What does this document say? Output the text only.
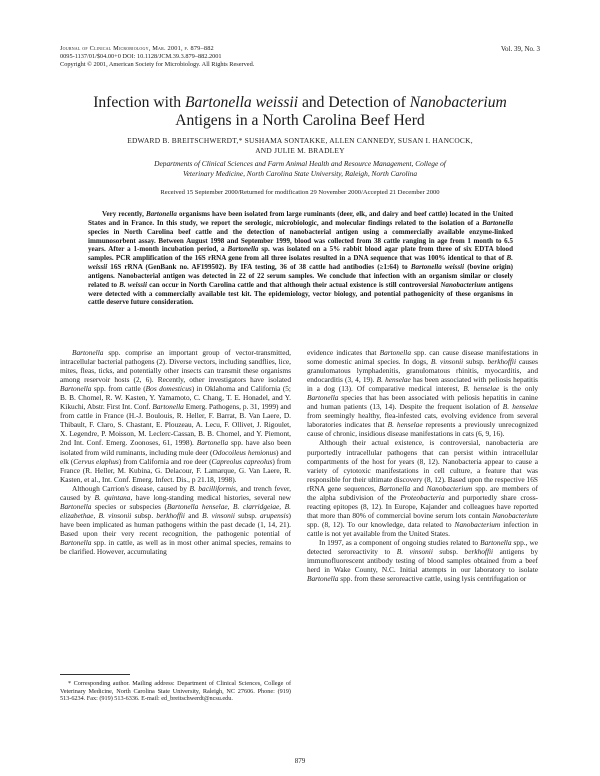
Journal of Clinical Microbiology, Mar. 2001, p. 879–882
0095-1137/01/$04.00+0 DOI: 10.1128/JCM.39.3.879–882.2001
Copyright © 2001, American Society for Microbiology. All Rights Reserved.
Vol. 39, No. 3
Infection with Bartonella weissii and Detection of Nanobacterium
Antigens in a North Carolina Beef Herd
EDWARD B. BREITSCHWERDT,* SUSHAMA SONTAKKE, ALLEN CANNEDY, SUSAN I. HANCOCK,
AND JULIE M. BRADLEY
Departments of Clinical Sciences and Farm Animal Health and Resource Management, College of
Veterinary Medicine, North Carolina State University, Raleigh, North Carolina
Received 15 September 2000/Returned for modification 29 November 2000/Accepted 21 December 2000

Very recently, Bartonella organisms have been isolated from large ruminants (deer, elk, and dairy and beef cattle) located in the United States and in France. In this study, we report the serologic, microbiologic, and molecular findings related to the isolation of a Bartonella species in North Carolina beef cattle and the detection of nanobacterial antigen using a commercially available enzyme-linked immunosorbent assay. Between August 1998 and September 1999, blood was collected from 38 cattle ranging in age from 1 month to 6.5 years. After a 1-month incubation period, a Bartonella sp. was isolated on a 5% rabbit blood agar plate from three of six EDTA blood samples. PCR amplification of the 16S rRNA gene from all three isolates resulted in a DNA sequence that was 100% identical to that of B. weissii 16S rRNA (GenBank no. AF199502). By IFA testing, 36 of 38 cattle had antibodies (≥1:64) to Bartonella weissii (bovine origin) antigens. Nanobacterial antigen was detected in 22 of 22 serum samples. We conclude that infection with an organism similar or closely related to B. weissii can occur in North Carolina cattle and that although their actual existence is still controversial Nanobacterium antigens were detected with a commercially available test kit. The epidemiology, vector biology, and potential pathogenicity of these organisms in cattle deserve future consideration.

Bartonella spp. comprise an important group of vector-transmitted, intracellular bacterial pathogens (2). Diverse vectors, including sandflies, lice, mites, fleas, ticks, and potentially other insects can transmit these organisms among reservoir hosts (2, 6). Recently, other investigators have isolated Bartonella spp. from cattle (Bos domesticus) in Oklahoma and California (5; B. B. Chomel, R. W. Kasten, Y. Yamamoto, C. Chang, T. E. Honadel, and Y. Kikuchi, Abstr. First Int. Conf. Bartonella Emerg. Pathogens, p. 31, 1999) and from cattle in France (H.-J. Boulouis, R. Heller, F. Barrat, B. Van Laere, D. Thibault, F. Claro, S. Chastant, E. Plouzeau, A. Lecu, F. Ollivet, J. Rigoulet, X. Legendre, P. Moisson, M. Leclerc-Cassan, B. B. Chomel, and Y. Piemont, 2nd Int. Conf. Emerg. Zoonoses, 61, 1998). Bartonella spp. have also been isolated from wild ruminants, including mule deer (Odocoileus hemionus) and elk (Cervus elaphus) from California and roe deer (Capreolus capreolus) from France (R. Heller, M. Kubina, G. Delacour, F. Lamarque, G. Van Laere, R. Kasten, et al., Int. Conf. Emerg. Infect. Dis., p 21.18, 1998).

Although Carrion's disease, caused by B. bacilliformis, and trench fever, caused by B. quintana, have long-standing medical histories, several new Bartonella species or subspecies (Bartonella henselae, B. clarridgeiae, B. elizabethae, B. vinsonii subsp. berkhoffii and B. vinsonii subsp. arupensis) have been implicated as human pathogens within the past decade (1, 14, 21). Based upon their very recent recognition, the pathogenic potential of Bartonella spp. in cattle, as well as in most other animal species, remains to be clarified. However, accumulating

* Corresponding author. Mailing address: Department of Clinical Sciences, College of Veterinary Medicine, North Carolina State University, Raleigh, NC 27606. Phone: (919) 513-6234. Fax: (919) 513-6336. E-mail: ed_breitschwerdt@ncsu.edu.

evidence indicates that Bartonella spp. can cause disease manifestations in some domestic animal species. In dogs, B. vinsonii subsp. berkhoffii causes granulomatous lymphadenitis, granulomatous rhinitis, myocarditis, and endocarditis (3, 4, 19). B. henselae has been associated with peliosis hepatitis in a dog (13). Of comparative medical interest, B. henselae is the only Bartonella species that has been associated with peliosis hepatitis in canine and human patients (13, 14). Despite the frequent isolation of B. henselae from seemingly healthy, flea-infested cats, evolving evidence from several laboratories indicates that B. henselae represents a previously unrecognized cause of chronic, insidious disease manifestations in cats (6, 9, 16).

Although their actual existence, is controversial, nanobacteria are purportedly intracellular pathogens that can persist within intracellular compartments of the host for years (8, 12). Nanobacteria appear to cause a variety of cytotoxic manifestations in cell culture, a feature that was responsible for their ultimate discovery (8, 12). Based upon the respective 16S rRNA gene sequences, Bartonella and Nanobacterium spp. are members of the alpha subdivision of the Proteobacteria and purportedly share cross-reacting epitopes (8, 12). In Europe, Kajander and colleagues have reported that more than 80% of commercial bovine serum lots contain Nanobacterium spp. (8, 12). To our knowledge, data related to Nanobacterium infection in cattle is not yet available from the United States.

In 1997, as a component of ongoing studies related to Bartonella spp., we detected seroreactivity to B. vinsonii subsp. berkhoffii antigens by immunofluorescent antibody testing of blood samples obtained from a beef herd in Wake County, N.C. Initial attempts in our laboratory to isolate Bartonella spp. from these seroreactive cattle, using lysis centrifugation or

879
